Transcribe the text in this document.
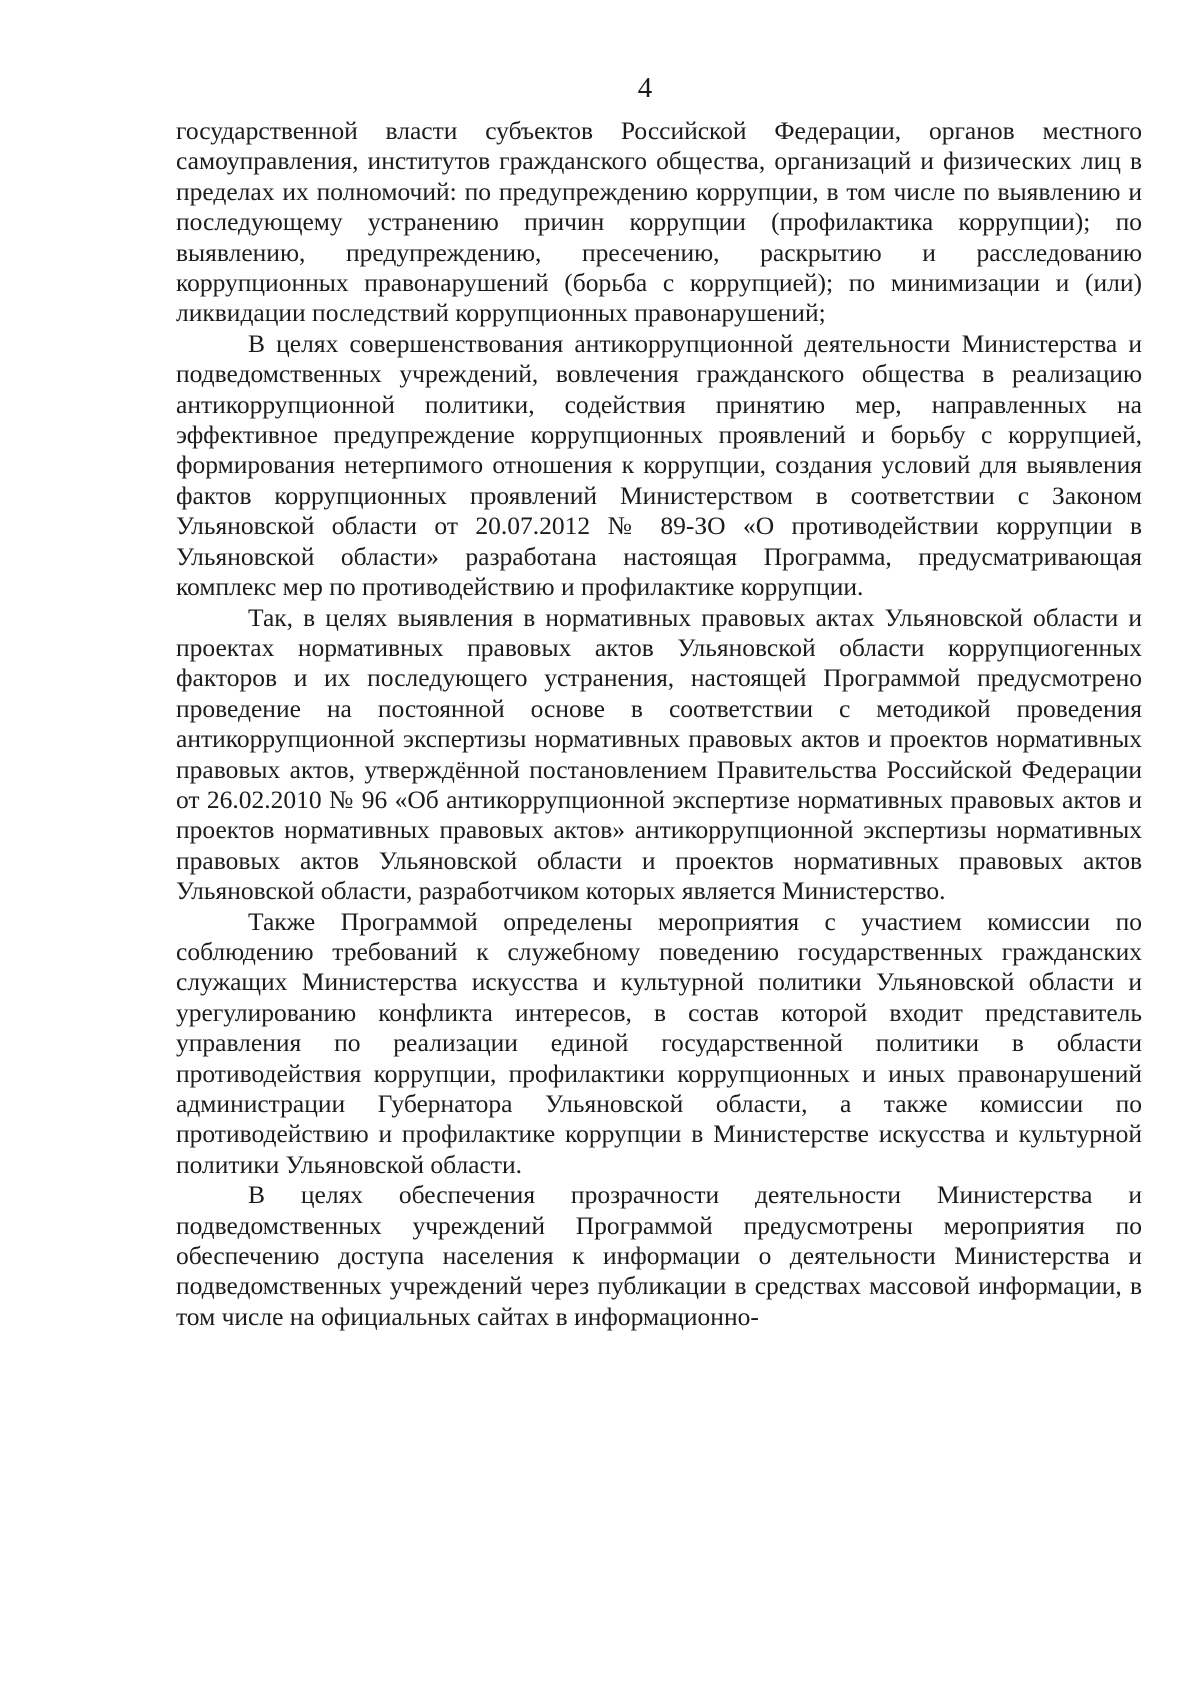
4

государственной власти субъектов Российской Федерации, органов местного самоуправления, институтов гражданского общества, организаций и физических лиц в пределах их полномочий: по предупреждению коррупции, в том числе по выявлению и последующему устранению причин коррупции (профилактика коррупции); по выявлению, предупреждению, пресечению, раскрытию и расследованию коррупционных правонарушений (борьба с коррупцией); по минимизации и (или) ликвидации последствий коррупционных правонарушений;

В целях совершенствования антикоррупционной деятельности Министерства и подведомственных учреждений, вовлечения гражданского общества в реализацию антикоррупционной политики, содействия принятию мер, направленных на эффективное предупреждение коррупционных проявлений и борьбу с коррупцией, формирования нетерпимого отношения к коррупции, создания условий для выявления фактов коррупционных проявлений Министерством в соответствии с Законом Ульяновской области от 20.07.2012 № 89-ЗО «О противодействии коррупции в Ульяновской области» разработана настоящая Программа, предусматривающая комплекс мер по противодействию и профилактике коррупции.

Так, в целях выявления в нормативных правовых актах Ульяновской области и проектах нормативных правовых актов Ульяновской области коррупциогенных факторов и их последующего устранения, настоящей Программой предусмотрено проведение на постоянной основе в соответствии с методикой проведения антикоррупционной экспертизы нормативных правовых актов и проектов нормативных правовых актов, утверждённой постановлением Правительства Российской Федерации от 26.02.2010 № 96 «Об антикоррупционной экспертизе нормативных правовых актов и проектов нормативных правовых актов» антикоррупционной экспертизы нормативных правовых актов Ульяновской области и проектов нормативных правовых актов Ульяновской области, разработчиком которых является Министерство.

Также Программой определены мероприятия с участием комиссии по соблюдению требований к служебному поведению государственных гражданских служащих Министерства искусства и культурной политики Ульяновской области и урегулированию конфликта интересов, в состав которой входит представитель управления по реализации единой государственной политики в области противодействия коррупции, профилактики коррупционных и иных правонарушений администрации Губернатора Ульяновской области, а также комиссии по противодействию и профилактике коррупции в Министерстве искусства и культурной политики Ульяновской области.

В целях обеспечения прозрачности деятельности Министерства и подведомственных учреждений Программой предусмотрены мероприятия по обеспечению доступа населения к информации о деятельности Министерства и подведомственных учреждений через публикации в средствах массовой информации, в том числе на официальных сайтах в информационно-
